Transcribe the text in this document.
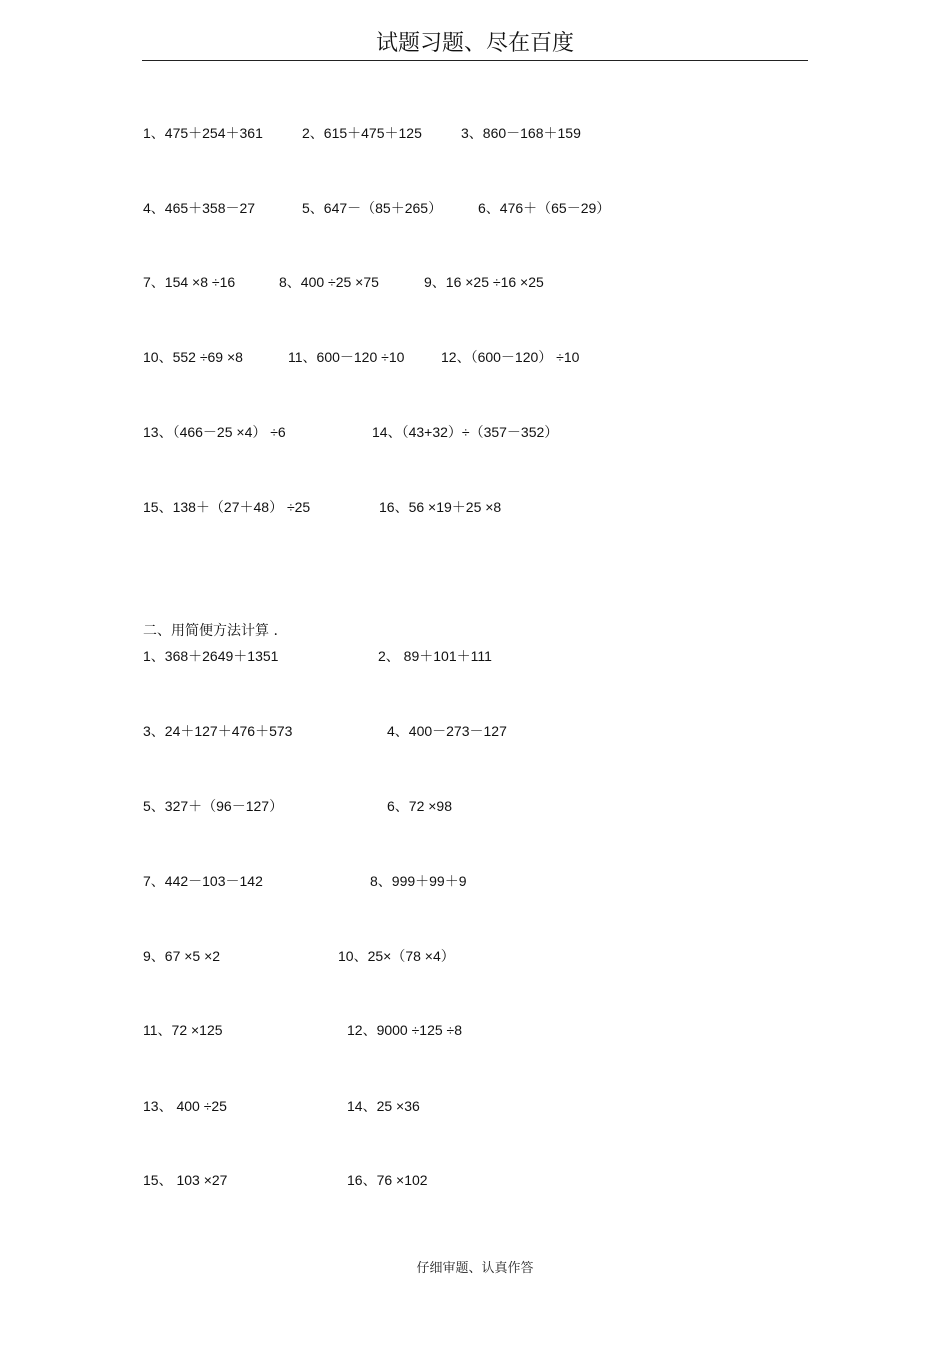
试题习题、尽在百度
1、475＋254＋361	2、615＋475＋125	3、860－168＋159
4、465＋358－27	5、647－（85＋265）	6、476＋（65－29）
7、154 ×8 ÷16	8、400 ÷25 ×75	9、16 ×25 ÷16 ×25
10、552 ÷69 ×8	11、600－120 ÷10	12、（600－120） ÷10
13、（466－25 ×4） ÷6	14、（43+32）÷（357－352）
15、138＋（27＋48） ÷25	16、56 ×19＋25 ×8
二、用简便方法计算 .
1、368＋2649＋1351	2、 89＋101＋111
3、24＋127＋476＋573	4、400－273－127
5、327＋（96－127）	6、72 ×98
7、442－103－142	8、999＋99＋9
9、67 ×5 ×2	10、25×（78 ×4）
11、72 ×125	12、9000 ÷125 ÷8
13、 400 ÷25	14、25 ×36
15、 103 ×27	16、76 ×102
仔细审题、认真作答
